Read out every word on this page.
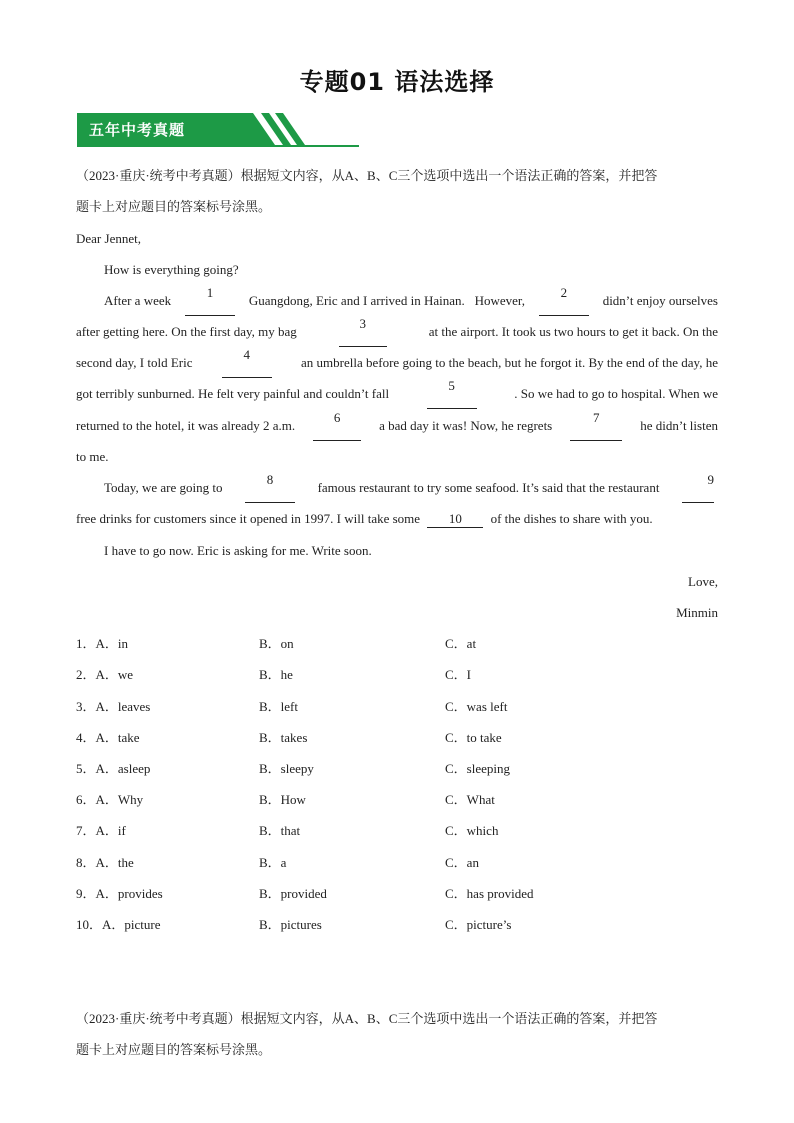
专题01 语法选择
五年中考真题
（2023·重庆·统考中考真题）根据短文内容，从A、B、C三个选项中选出一个语法正确的答案，并把答
题卡上对应题目的答案标号涂黑。
Dear Jennet,
How is everything going?
After a week
1
Guangdong, Eric and I arrived in Hainan. However,
2
didn’t enjoy ourselves
after getting here. On the first day, my bag
3
at the airport. It took us two hours to get it back. On the
second day, I told Eric
4
an umbrella before going to the beach, but he forgot it. By the end of the day, he
got terribly sunburned. He felt very painful and couldn’t fall
5
. So we had to go to hospital. When we
returned to the hotel, it was already 2 a.m.
6
a bad day it was! Now, he regrets
7
he didn’t listen
to me.
Today, we are going to
8
famous restaurant to try some seafood. It’s said that the restaurant
9
free drinks for customers since it opened in 1997. I will take some 10 of the dishes to share with you.
I have to go now. Eric is asking for me. Write soon.
Love,
Minmin
1．A．in	B．on	C．at
2．A．we	B．he	C．I
3．A．leaves	B．left	C．was left
4．A．take	B．takes	C．to take
5．A．asleep	B．sleepy	C．sleeping
6．A．Why	B．How	C．What
7．A．if	B．that	C．which
8．A．the	B．a	C．an
9．A．provides	B．provided	C．has provided
10．A．picture	B．pictures	C．picture’s
（2023·重庆·统考中考真题）根据短文内容，从A、B、C三个选项中选出一个语法正确的答案，并把答
题卡上对应题目的答案标号涂黑。
